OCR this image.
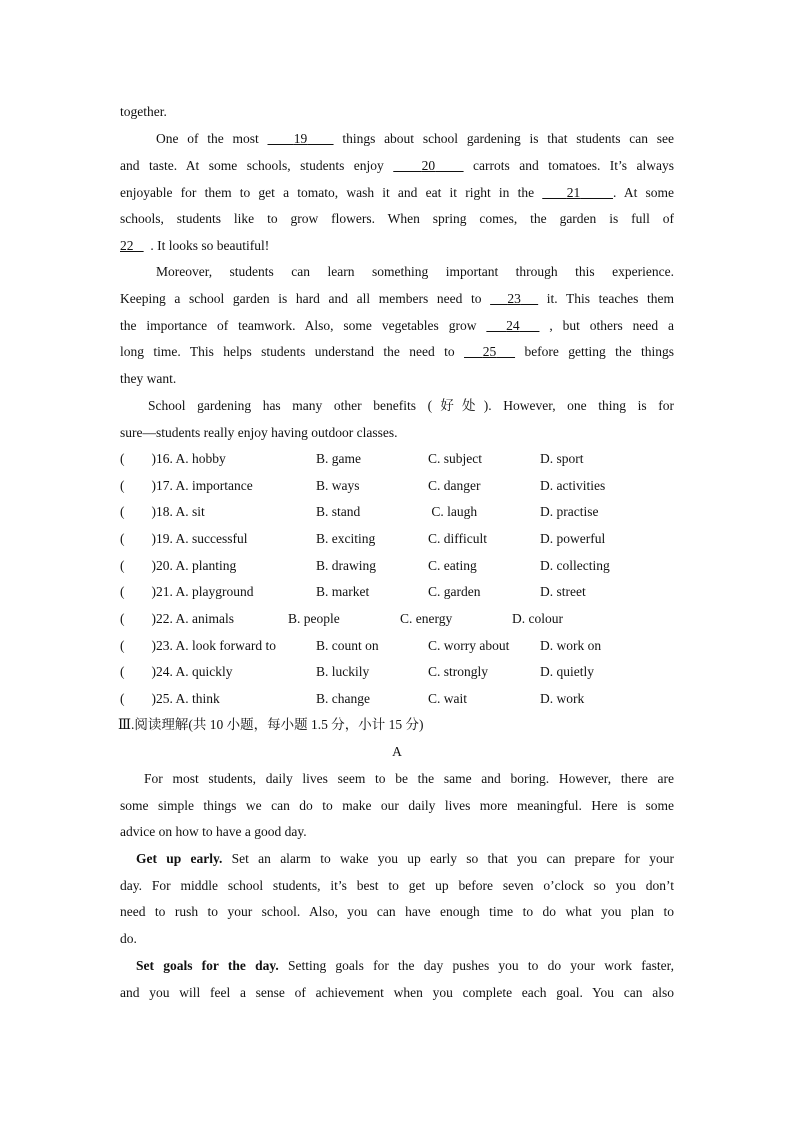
together.
One of the most	19	things about school gardening is that students can see
and taste. At some schools, students enjoy	20	carrots and tomatoes. It’s always
enjoyable for them to get a tomato, wash it and eat it right in the 21 . At some
schools, students like to grow flowers. When spring comes, the garden is full of
22 . It looks so beautiful!
Moreover, students can learn something important through this experience.
Keeping a school garden is hard and all members need to 23 it. This teaches them
the importance of teamwork. Also, some vegetables grow 24 , but others need a
long time. This helps students understand the need to 25 before getting the things
they want.
School gardening has many other benefits (好处). However, one thing is for
sure—students really enjoy having outdoor classes.
(        )16. A. hobby	B. game	C. subject	D. sport
(        )17. A. importance	B. ways	C. danger	D. activities
(        )18. A. sit	B. stand	C. laugh	D. practise
(        )19. A. successful	B. exciting	C. difficult	D. powerful
(        )20. A. planting	B. drawing	C. eating	D. collecting
(        )21. A. playground	B. market	C. garden	D. street
(        )22. A. animals	B. people	C. energy	D. colour
(        )23. A. look forward to	B. count on	C. worry about D. work on
(        )24. A. quickly	B. luckily	C. strongly	D. quietly
(        )25. A. think	B. change	C. wait	D. work
Ⅲ.阅读理解(共 10 小题，每小题 1.5 分，小计 15 分)
A
For most students, daily lives seem to be the same and boring. However, there are
some simple things we can do to make our daily lives more meaningful. Here is some
advice on how to have a good day.
Get up early. Set an alarm to wake you up early so that you can prepare for your
day. For middle school students, it’s best to get up before seven o’clock so you don’t
need to rush to your school. Also, you can have enough time to do what you plan to
do.
Set goals for the day. Setting goals for the day pushes you to do your work faster,
and you will feel a sense of achievement when you complete each goal. You can also
